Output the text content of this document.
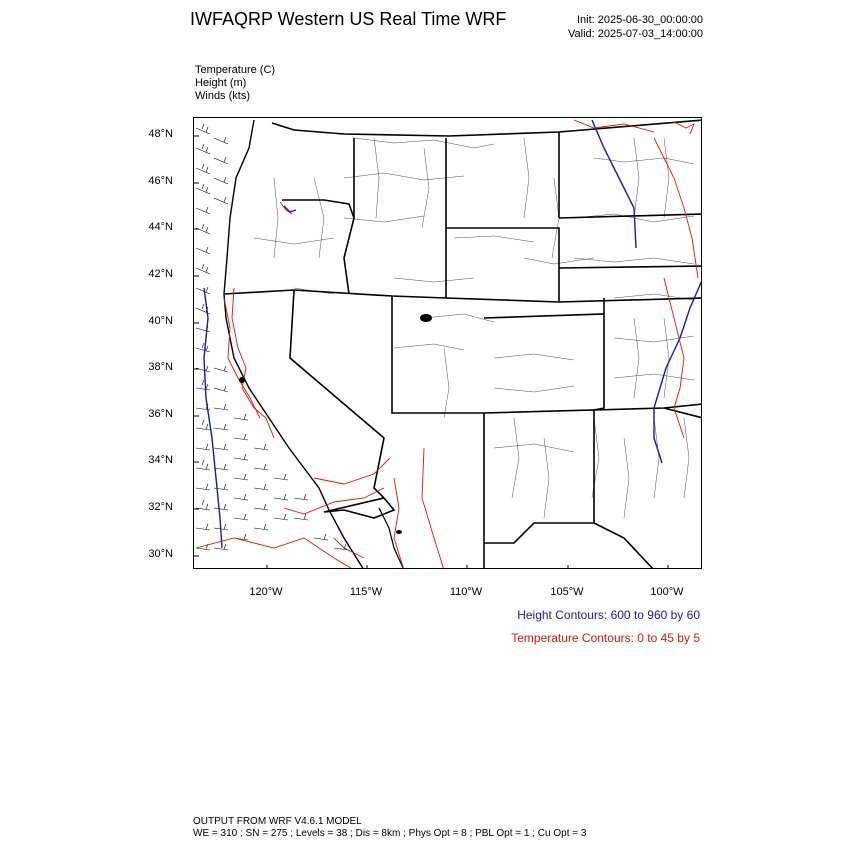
IWFAQRP Western US Real Time WRF	Init: 2025-06-30_00:00:00
Valid: 2025-07-03_14:00:00
Temperature (C)
Height (m)
Winds (kts)
48°N
46°N
44°N
42°N
40°N
38°N
36°N
34°N
32°N
30°N
120°W	115°W	110°W	105°W	100°W
Height Contours: 600 to 960 by 60
Temperature Contours: 0 to 45 by 5
OUTPUT FROM WRF V4.6.1 MODEL
WE = 310 ; SN = 275 ; Levels = 38 ; Dis = 8km ; Phys Opt = 8 ; PBL Opt = 1 ; Cu Opt = 3
